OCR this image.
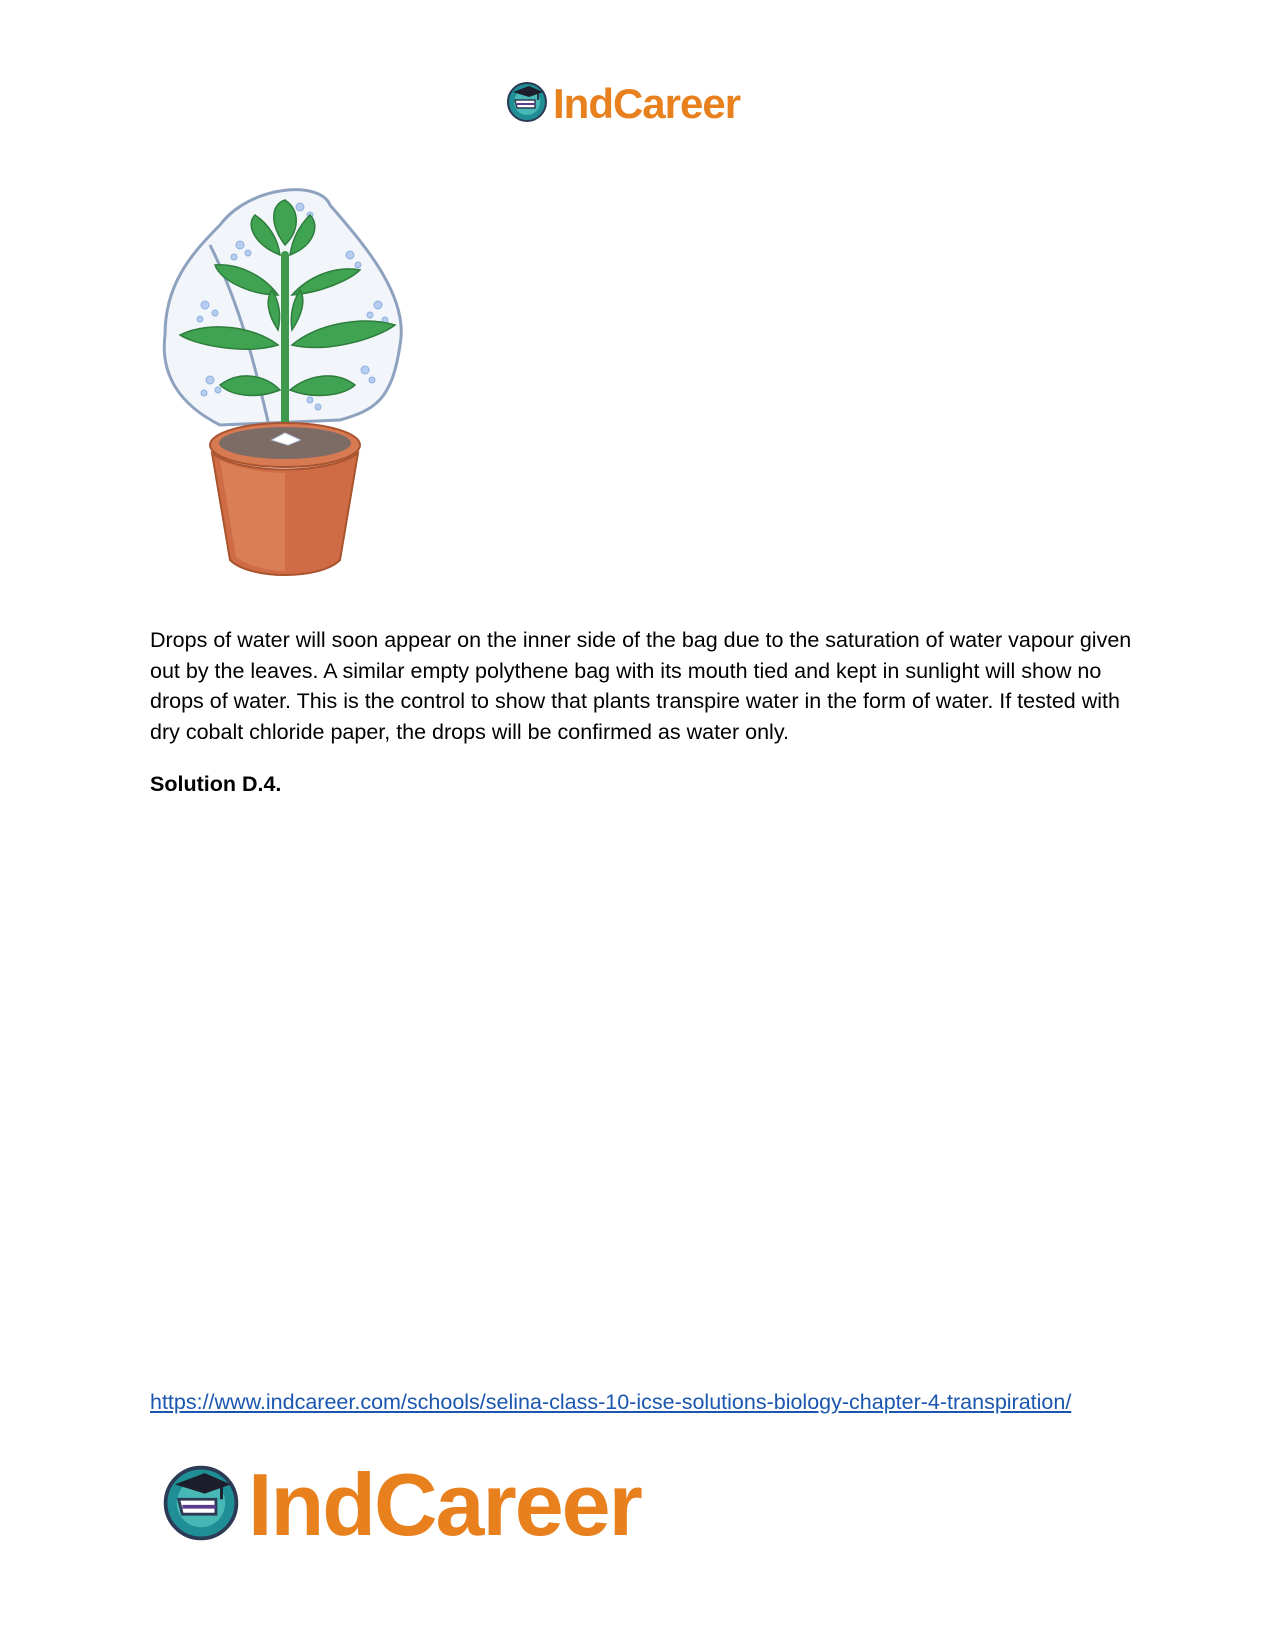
IndCareer

Drops of water will soon appear on the inner side of the bag due to the saturation of water vapour given out by the leaves. A similar empty polythene bag with its mouth tied and kept in sunlight will show no drops of water. This is the control to show that plants transpire water in the form of water. If tested with dry cobalt chloride paper, the drops will be confirmed as water only.

Solution D.4.

https://www.indcareer.com/schools/selina-class-10-icse-solutions-biology-chapter-4-transpiration/
IndCareer
